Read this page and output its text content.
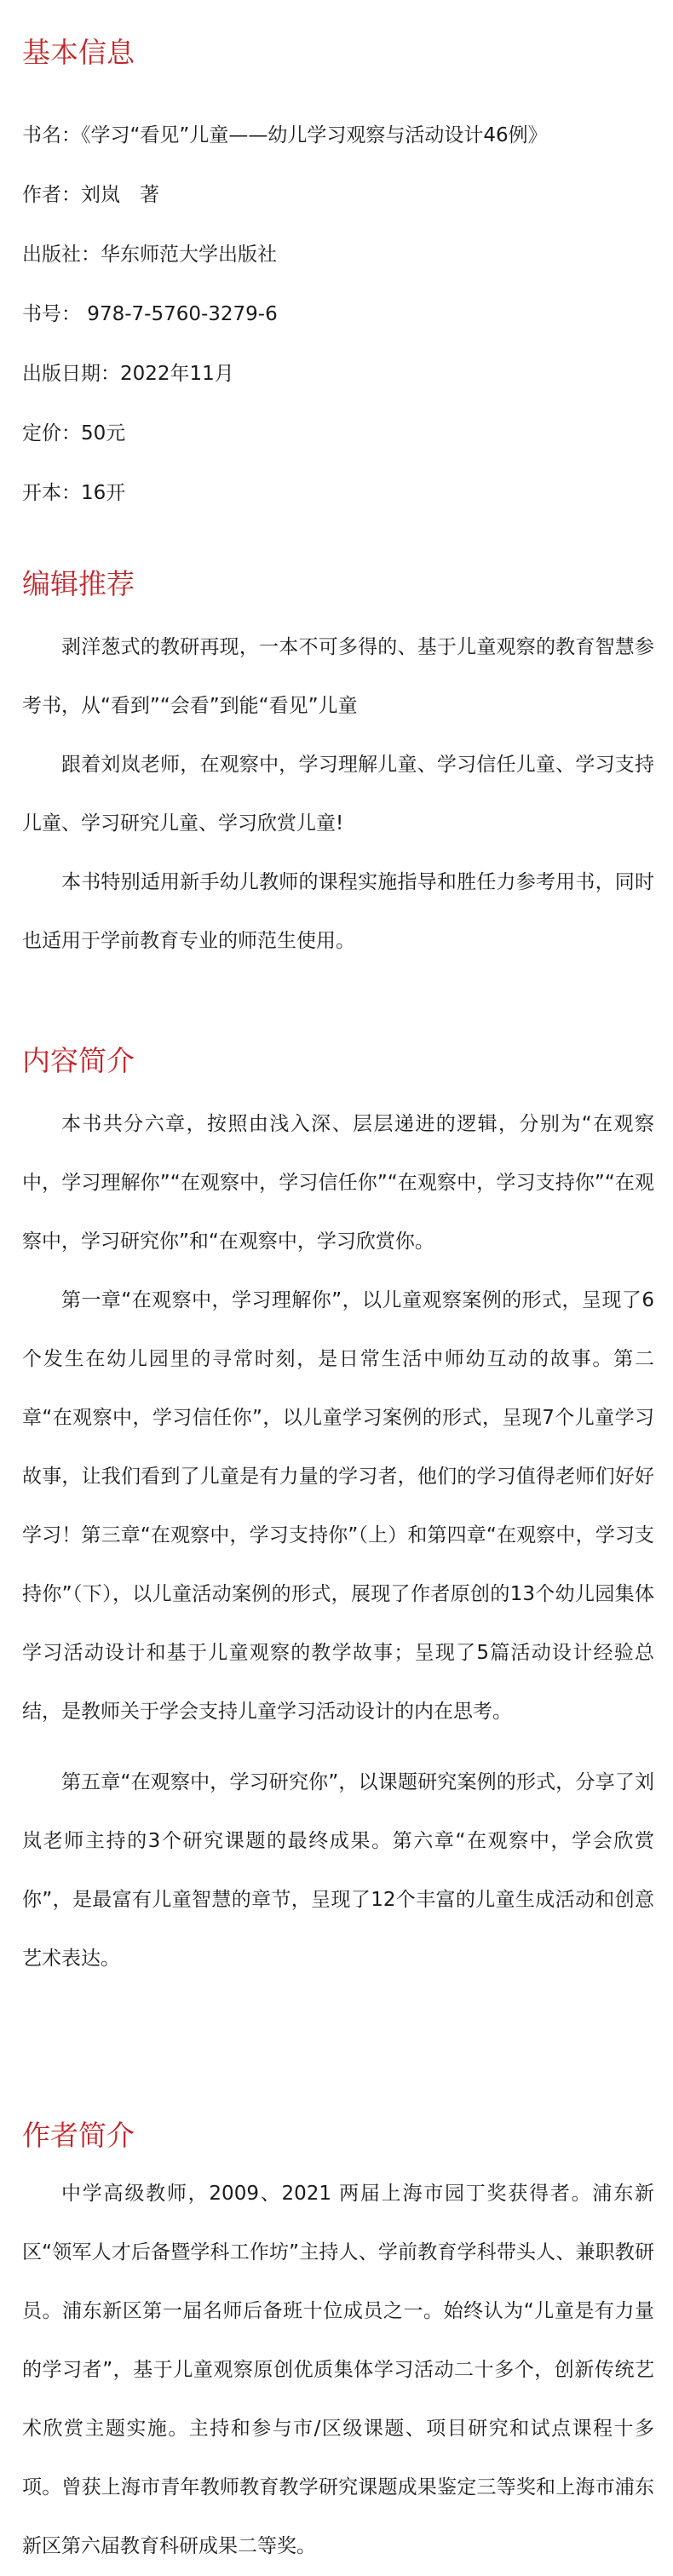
基本信息
书名：《学习“看见”儿童——幼儿学习观察与活动设计46例》
作者：刘岚　著
出版社：华东师范大学出版社
书号： 978-7-5760-3279-6
出版日期：2022年11月
定价：50元
开本：16开
编辑推荐

剥洋葱式的教研再现，一本不可多得的、基于儿童观察的教育智慧参考书，从“看到”“会看”到能“看见”儿童

跟着刘岚老师，在观察中，学习理解儿童、学习信任儿童、学习支持儿童、学习研究儿童、学习欣赏儿童!

本书特别适用新手幼儿教师的课程实施指导和胜任力参考用书，同时也适用于学前教育专业的师范生使用。

内容简介

本书共分六章，按照由浅入深、层层递进的逻辑，分别为“在观察中，学习理解你”“在观察中，学习信任你”“在观察中，学习支持你”“在观察中，学习研究你”和“在观察中，学习欣赏你。

第一章“在观察中，学习理解你”，以儿童观察案例的形式，呈现了6个发生在幼儿园里的寻常时刻，是日常生活中师幼互动的故事。第二章“在观察中，学习信任你”，以儿童学习案例的形式，呈现7个儿童学习故事，让我们看到了儿童是有力量的学习者，他们的学习值得老师们好好学习！第三章“在观察中，学习支持你”（上）和第四章“在观察中，学习支持你”（下），以儿童活动案例的形式，展现了作者原创的13个幼儿园集体学习活动设计和基于儿童观察的教学故事；呈现了5篇活动设计经验总结，是教师关于学会支持儿童学习活动设计的内在思考。

第五章“在观察中，学习研究你”，以课题研究案例的形式，分享了刘岚老师主持的3个研究课题的最终成果。第六章“在观察中，学会欣赏你”，是最富有儿童智慧的章节，呈现了12个丰富的儿童生成活动和创意艺术表达。

作者简介

中学高级教师，2009、2021 两届上海市园丁奖获得者。浦东新区“领军人才后备暨学科工作坊”主持人、学前教育学科带头人、兼职教研员。浦东新区第一届名师后备班十位成员之一。始终认为“儿童是有力量的学习者”，基于儿童观察原创优质集体学习活动二十多个，创新传统艺术欣赏主题实施。主持和参与市/区级课题、项目研究和试点课程十多项。曾获上海市青年教师教育教学研究课题成果鉴定三等奖和上海市浦东新区第六届教育科研成果二等奖。
